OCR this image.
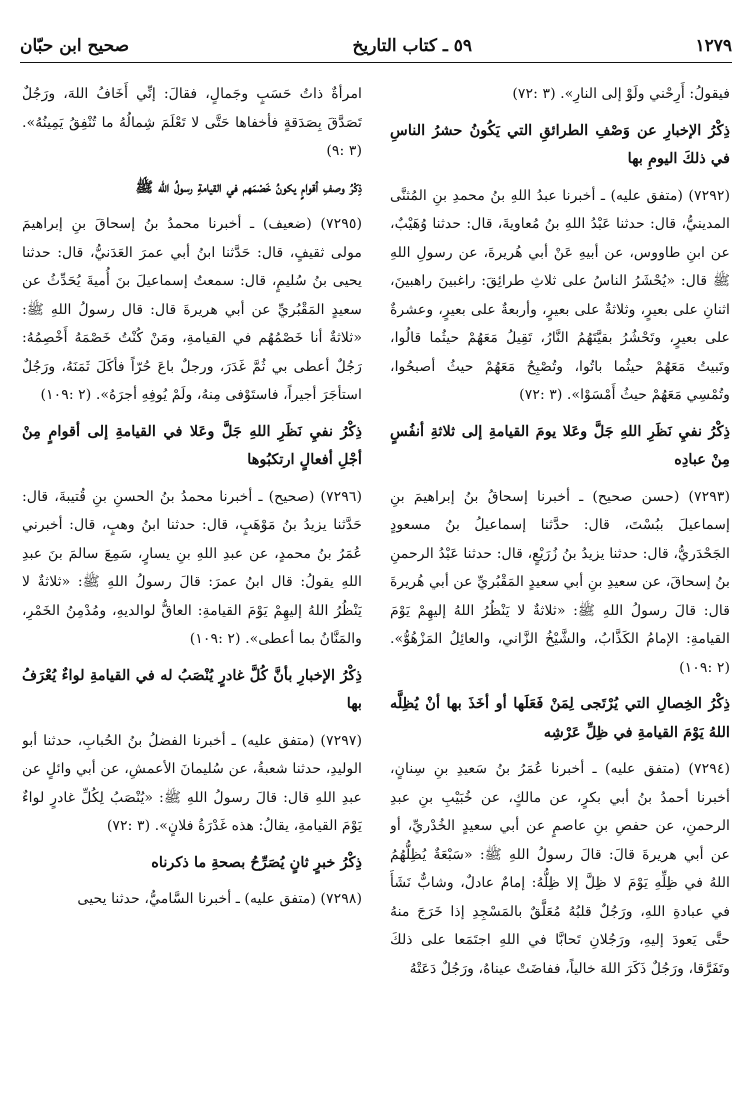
١٢٧٩
٥٩ ـ كتاب التاريخ
صحيح ابن حبّان

فيقولُ: أَرِحْني ولَوْ إلى النارِ». (٣ :٧٢)

ذِكْرُ الإخبارِ عن وَصْفِ الطرائقِ التي يَكُونُ حشرُ الناسِ في ذلكَ اليومِ بها

(٧٢٩٢) (متفق عليه) ـ أخبرنا عبدُ اللهِ بنُ محمدِ بنِ المُثنَّى المدينيُّ، قال: حدثنا عَبْدُ اللهِ بنُ مُعاويةَ، قال: حدثنا وُهَيْبٌ، عن ابنِ طاووس، عن أبيهِ عَنْ أبي هُريرةَ، عن رسولِ اللهِ ﷺ قال: «يُحْشَرُ الناسُ على ثلاثِ طرائِقَ: راغبينَ راهبينَ، اثنانِ على بعيرٍ، وثلاثةٌ على بعيرٍ، وأربعةٌ على بعيرٍ، وعشرةٌ على بعيرٍ، وتَحْشُرُ بقيَّتَهُمُ النَّارُ، تَقِيلُ مَعَهُمْ حيثُما قالُوا، وتَبيتُ مَعَهُمْ حيثُما باتُوا، وتُصْبِحُ مَعَهُمْ حيثُ أصبحُوا، وتُمْسِي مَعَهُمْ حيثُ أَمْسَوْا». (٣ :٧٢)

ذِكْرُ نفيِ نَظَرِ اللهِ جَلَّ وعَلا يومَ القيامةِ إلى ثلاثةِ أنفُسٍ مِنْ عبادِه

(٧٢٩٣) (حسن صحيح) ـ أخبرنا إسحاقُ بنُ إبراهيمَ بنِ إسماعيلَ ببُسْتَ، قال: حدَّثنا إسماعيلُ بنُ مسعودٍ الجَحْدَريُّ، قال: حدثنا يزيدُ بنُ زُرَيْعٍ، قال: حدثنا عَبْدُ الرحمنِ بنُ إسحاقَ، عن سعيدِ بنِ أبي سعيدٍ المَقْبُريِّ عن أبي هُريرةَ قال: قالَ رسولُ اللهِ ﷺ: «ثلاثةٌ لا يَنْظُرُ اللهُ إليهِمْ يَوْمَ القيامةِ: الإمامُ الكَذَّابُ، والشَّيْخُ الزَّاني، والعائِلُ المَزْهُوُّ». (٢ :١٠٩)

ذِكْرُ الخِصالِ التي يُرْتَجى لِمَنْ فَعَلَها أو أخَذَ بها أنْ يُظِلَّه اللهُ يَوْمَ القيامةِ في ظِلِّ عَرْشِه

(٧٢٩٤) (متفق عليه) ـ أخبرنا عُمَرُ بنُ سَعيدِ بنِ سِنانٍ، أخبرنا أحمدُ بنُ أبي بكرٍ، عن مالكٍ، عن خُبَيْبِ بنِ عبدِ الرحمنِ، عن حفصِ بنِ عاصمٍ عن أبي سعيدٍ الخُدْريِّ، أو عن أبي هريرةَ قالَ: قالَ رسولُ اللهِ ﷺ: «سَبْعَةٌ يُظِلُّهُمُ اللهُ في ظِلِّهِ يَوْمَ لا ظِلَّ إلا ظِلُّهُ: إمامٌ عادلٌ، وشابٌّ نَشَأَ في عبادةِ اللهِ، ورَجُلٌ قلبُهُ مُعَلَّقٌ بالمَسْجِدِ إذا خَرَجَ منهُ حتَّى يَعودَ إليهِ، ورَجُلانِ تَحابَّا في اللهِ اجتَمَعا على ذلكَ وتَفَرَّقا، ورَجُلٌ ذَكَرَ اللهَ خالياً، ففاضَتْ عيناهُ، ورَجُلٌ دَعَتْهُ

امرأةٌ ذاتُ حَسَبٍ وجَمالٍ، فقالَ: إنِّي أَخَافُ اللهَ، ورَجُلٌ تَصَدَّقَ بِصَدَقةٍ فأخفاها حَتَّى لا تَعْلَمَ شِمالُهُ ما تُنْفِقُ يَمِينُهُ». (٣ :٩)

ذِكْرُ وصفِ أقوامٍ يكونُ خَصْمَهم في القيامةِ رسولُ الله ﷺ

(٧٢٩٥) (ضعيف) ـ أخبرنا محمدُ بنُ إسحاقَ بنِ إبراهيمَ مولى ثقيفٍ، قال: حَدَّثنا ابنُ أبي عمرَ العَدَنيُّ، قال: حدثنا يحيى بنُ سُليمٍ، قال: سمعتُ إسماعيلَ بنَ أُميةَ يُحَدِّثُ عن سعيدٍ المَقْبُريِّ عن أبي هريرةَ قال: قال رسولُ اللهِ ﷺ: «ثلاثةٌ أنا خَصْمُهُم في القيامةِ، ومَنْ كُنْتُ خَصْمَهُ أَخْصِمُهُ: رَجُلٌ أعطى بي ثُمَّ غَدَرَ، ورجلٌ باعَ حُرّاً فأكَلَ ثَمَنَهُ، ورَجُلٌ استأجَرَ أجيراً، فاستَوْفى مِنهُ، ولَمْ يُوفِهِ أجرَهُ». (٢ :١٠٩)

ذِكْرُ نفيِ نَظَرِ اللهِ جَلَّ وعَلا في القيامةِ إلى أقوامٍ مِنْ أجْلِ أفعالٍ ارتكبُوها

(٧٢٩٦) (صحيح) ـ أخبرنا محمدُ بنُ الحسنِ بنِ قُتيبةَ، قال: حَدَّثنا يزيدُ بنُ مَوْهَبٍ، قال: حدثنا ابنُ وهبٍ، قال: أخبرني عُمَرُ بنُ محمدٍ، عن عبدِ اللهِ بنِ يسارٍ، سَمِعَ سالمَ بنَ عبدِ اللهِ يقولُ: قال ابنُ عمرَ: قالَ رسولُ اللهِ ﷺ: «ثلاثةٌ لا يَنْظُرُ اللهُ إليهِمْ يَوْمَ القيامةِ: العاقُّ لوالديهِ، ومُدْمِنُ الخَمْرِ، والمَنَّانُ بما أعطى». (٢ :١٠٩)

ذِكْرُ الإخبارِ بأنَّ كُلَّ غادرٍ يُنْصَبُ له في القيامةِ لواءٌ يُعْرَفُ بها

(٧٢٩٧) (متفق عليه) ـ أخبرنا الفضلُ بنُ الحُبابِ، حدثنا أبو الوليدِ، حدثنا شعبةُ، عن سُليمانَ الأعمشِ، عن أبي وائلٍ عن عبدِ اللهِ قال: قالَ رسولُ اللهِ ﷺ: «يُنْصَبُ لِكُلِّ غادرٍ لواءٌ يَوْمَ القيامةِ، يقالُ: هذه غَدْرَةُ فلانٍ». (٣ :٧٢)

ذِكْرُ خبرٍ ثانٍ يُصَرِّحُ بصحةِ ما ذكرناه

(٧٢٩٨) (متفق عليه) ـ أخبرنا السَّاميُّ، حدثنا يحيى
